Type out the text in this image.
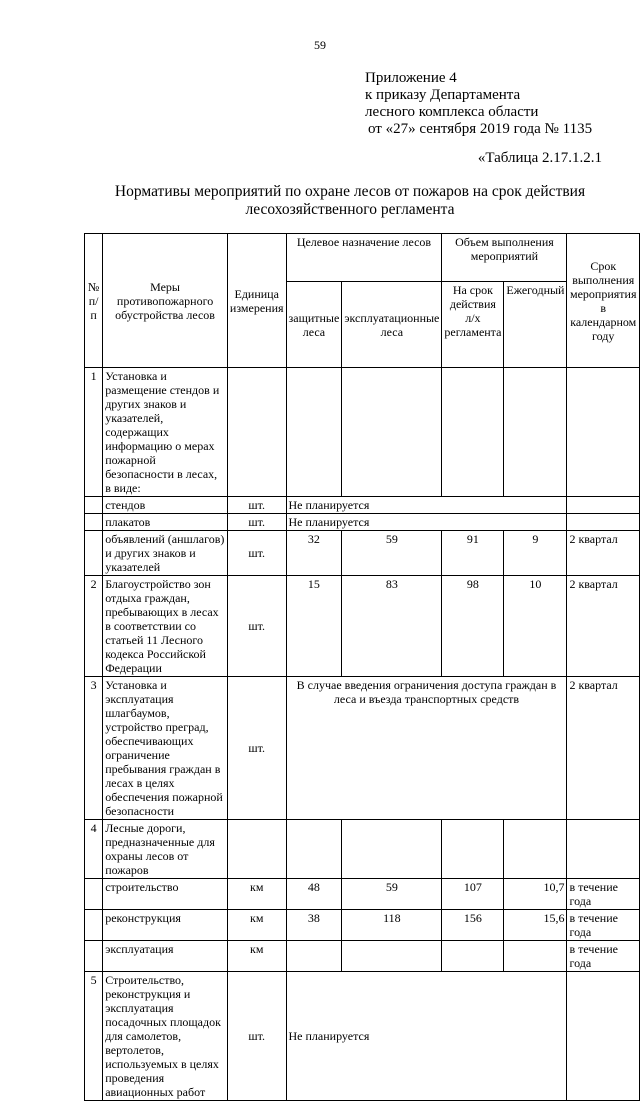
59
Приложение 4
к приказу Департамента
лесного комплекса области
от «27» сентября 2019 года № 1135
«Таблица 2.17.1.2.1
Нормативы мероприятий по охране лесов от пожаров на срок действия
лесохозяйственного регламента
№ п/п	Меры противопожарного обустройства лесов	Единица измерения	Целевое назначение лесов		Объем выполнения мероприятий		Срок выполнения мероприятия в календарном году
			защитные леса	эксплуатационные леса	На срок действия л/х регламента	Ежегодный	
1	Установка и размещение стендов и других знаков и указателей, содержащих информацию о мерах пожарной безопасности в лесах, в виде:						
	стендов	шт.	Не планируется				
	плакатов	шт.	Не планируется				
	объявлений (аншлагов) и других знаков и указателей	шт.	32	59	91	9	2 квартал
2	Благоустройство зон отдыха граждан, пребывающих в лесах в соответствии со статьей 11 Лесного кодекса Российской Федерации	шт.	15	83	98	10	2 квартал
3	Установка и эксплуатация шлагбаумов, устройство преград, обеспечивающих ограничение пребывания граждан в лесах в целях обеспечения пожарной безопасности	шт.	В случае введения ограничения доступа граждан в леса и въезда транспортных средств				2 квартал
4	Лесные дороги, предназначенные для охраны лесов от пожаров						
	строительство	км	48	59	107	10,7	в течение года
	реконструкция	км	38	118	156	15,6	в течение года
	эксплуатация	км					в течение года
5	Строительство, реконструкция и эксплуатация посадочных площадок для самолетов, вертолетов, используемых в целях проведения авиационных работ	шт.	Не планируется				
